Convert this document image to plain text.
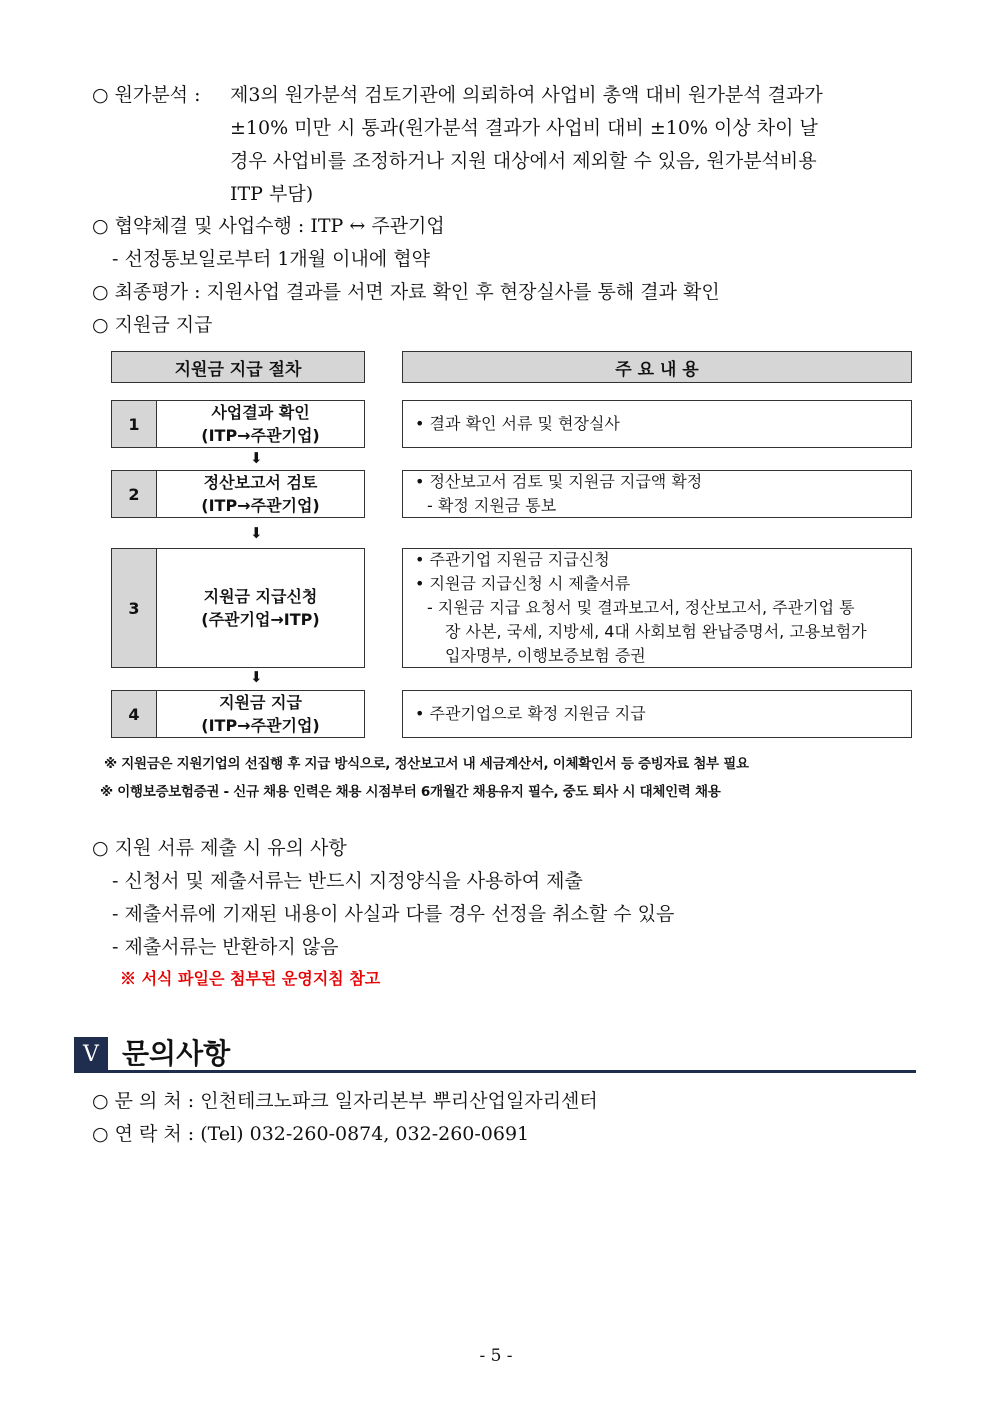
○ 원가분석 : 제3의 원가분석 검토기관에 의뢰하여 사업비 총액 대비 원가분석 결과가
±10% 미만 시 통과(원가분석 결과가 사업비 대비 ±10% 이상 차이 날
경우 사업비를 조정하거나 지원 대상에서 제외할 수 있음, 원가분석비용
ITP 부담)
○ 협약체결 및 사업수행 : ITP ↔ 주관기업
- 선정통보일로부터 1개월 이내에 협약
○ 최종평가 : 지원사업 결과를 서면 자료 확인 후 현장실사를 통해 결과 확인
○ 지원금 지급
지원금 지급 절차	주 요 내 용
1
사업결과 확인
(ITP→주관기업)
• 결과 확인 서류 및 현장실사
⬇
2
정산보고서 검토
(ITP→주관기업)
• 정산보고서 검토 및 지원금 지급액 확정
- 확정 지원금 통보
⬇
3
지원금 지급신청
(주관기업→ITP)
• 주관기업 지원금 지급신청
• 지원금 지급신청 시 제출서류
- 지원금 지급 요청서 및 결과보고서, 정산보고서, 주관기업 통
장 사본, 국세, 지방세, 4대 사회보험 완납증명서, 고용보험가
입자명부, 이행보증보험 증권
⬇
4
지원금 지급
(ITP→주관기업)
• 주관기업으로 확정 지원금 지급
※ 지원금은 지원기업의 선집행 후 지급 방식으로, 정산보고서 내 세금계산서, 이체확인서 등 증빙자료 첨부 필요
※ 이행보증보험증권 - 신규 채용 인력은 채용 시점부터 6개월간 채용유지 필수, 중도 퇴사 시 대체인력 채용
○ 지원 서류 제출 시 유의 사항
- 신청서 및 제출서류는 반드시 지정양식을 사용하여 제출
- 제출서류에 기재된 내용이 사실과 다를 경우 선정을 취소할 수 있음
- 제출서류는 반환하지 않음
※ 서식 파일은 첨부된 운영지침 참고
V 문의사항
○ 문 의 처 : 인천테크노파크 일자리본부 뿌리산업일자리센터
○ 연 락 처 : (Tel) 032-260-0874, 032-260-0691
- 5 -
